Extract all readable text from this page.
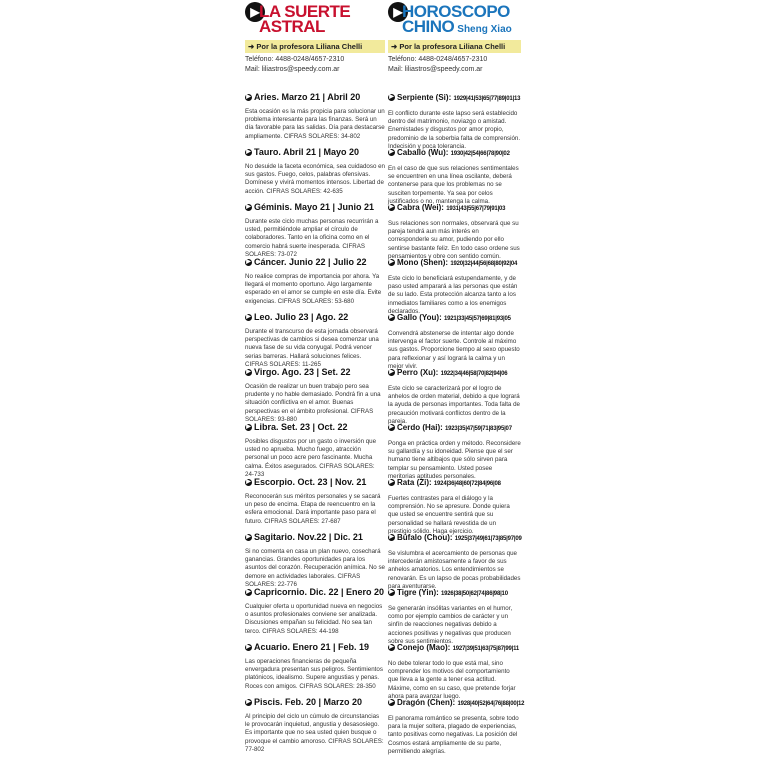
▶ LA SUERTE
ASTRAL
➜ Por la profesora Liliana Chelli
Teléfono: 4488-0248/4657-2310
Mail: liliastros@speedy.com.ar
▶ Aries. Marzo 21 | Abril 20
Esta ocasión es la más propicia para solucionar un problema interesante para las finanzas. Será un día favorable para las salidas. Día para destacarse ampliamente. CIFRAS SOLARES: 34-802
▶ Tauro. Abril 21 | Mayo 20
No desuide la faceta económica, sea cuidadoso en sus gastos. Fuego, celos, palabras ofensivas. Domínese y vivirá momentos intensos. Libertad de acción. CIFRAS SOLARES: 42-635
▶ Géminis. Mayo 21 | Junio 21
Durante este ciclo muchas personas recurrirán a usted, permitiéndole ampliar el círculo de colaboradores. Tanto en la oficina como en el comercio habrá suerte inesperada. CIFRAS SOLARES: 73-072
▶ Cáncer. Junio 22 | Julio 22
No realice compras de importancia por ahora. Ya llegará el momento oportuno. Algo largamente esperado en el amor se cumple en este día. Evite exigencias. CIFRAS SOLARES: 53-680
▶ Leo. Julio 23 | Ago. 22
Durante el transcurso de esta jornada observará perspectivas de cambios si desea comenzar una nueva fase de su vida conyugal. Podrá vencer serias barreras. Hallará soluciones felices. CIFRAS SOLARES: 11-265
▶ Virgo. Ago. 23 | Set. 22
Ocasión de realizar un buen trabajo pero sea prudente y no hable demasiado. Pondrá fin a una situación conflictiva en el amor. Buenas perspectivas en el ámbito profesional. CIFRAS SOLARES: 93-880
▶ Libra. Set. 23 | Oct. 22
Posibles disgustos por un gasto o inversión que usted no aprueba. Mucho fuego, atracción personal un poco acre pero fascinante. Mucha calma. Éxitos asegurados. CIFRAS SOLARES: 24-733
▶ Escorpio. Oct. 23 | Nov. 21
Reconocerán sus méritos personales y se sacará un peso de encima. Etapa de reencuentro en la esfera emocional. Dará importante paso para el futuro. CIFRAS SOLARES: 27-687
▶ Sagitario. Nov.22 | Dic. 21
Si no comenta en casa un plan nuevo, cosechará ganancias. Grandes oportunidades para los asuntos del corazón. Recuperación anímica. No se demore en actividades laborales. CIFRAS SOLARES: 22-776
▶ Capricornio. Dic. 22 | Enero 20
Cualquier oferta u oportunidad nueva en negocios o asuntos profesionales conviene ser analizada. Discusiones empañan su felicidad. No sea tan terco. CIFRAS SOLARES: 44-198
▶ Acuario. Enero 21 | Feb. 19
Las operaciones financieras de pequeña envergadura presentan sus peligros. Sentimientos platónicos, idealismo. Supere angustias y penas. Roces con amigos. CIFRAS SOLARES: 28-350
▶ Piscis. Feb. 20 | Marzo 20
Al principio del ciclo un cúmulo de circunstancias le provocarán inquietud, angustia y desasosiego. Es importante que no sea usted quien busque o provoque el cambio amoroso. CIFRAS SOLARES: 77-802
▶ HOROSCOPO
CHINO Sheng Xiao
➜ Por la profesora Liliana Chelli
Teléfono: 4488-0248/4657-2310
Mail: liliastros@speedy.com.ar
▶ Serpiente (Si): 1929|41|53|65|77|89|01|13
El conflicto durante este lapso será establecido dentro del matrimonio, noviazgo o amistad. Enemistades y disgustos por amor propio, predominio de la soberbia falta de comprensión. Indecisión y poca tolerancia.
▶ Caballo (Wu): 1930|42|54|66|78|90|02
En el caso de que sus relaciones sentimentales se encuentren en una línea oscilante, deberá contenerse para que los problemas no se susciten torpemente. Ya sea por celos justificados o no, mantenga la calma.
▶ Cabra (Wei): 1931|43|55|67|79|91|03
Sus relaciones son normales, observará que su pareja tendrá aun más interés en corresponderle su amor, pudiendo por ello sentirse bastante feliz. En todo caso ordene sus pensamientos y obre con sentido común.
▶ Mono (Shen): 1920|32|44|56|68|80|92|04
Este ciclo lo beneficiará estupendamente, y de paso usted amparará a las personas que están de su lado. Esta protección alcanza tanto a los inmediatos familiares como a los enemigos declarados.
▶ Gallo (You): 1921|33|45|57|69|81|93|05
Convendrá abstenerse de intentar algo donde intervenga el factor suerte. Controle al máximo sus gastos. Proporcione tiempo al sexo opuesto para reflexionar y así logrará la calma y un mejor vivir.
▶ Perro (Xu): 1922|34|46|58|70|82|94|06
Este ciclo se caracterizará por el logro de anhelos de orden material, debido a que logrará la ayuda de personas importantes. Toda falta de precaución motivará conflictos dentro de la pareja.
▶ Cerdo (Hai): 1923|35|47|59|71|83|95|07
Ponga en práctica orden y método. Reconsidere su gallardía y su idoneidad. Piense que el ser humano tiene altibajos que sólo sirven para templar su pensamiento. Usted posee meritorias aptitudes personales.
▶ Rata (Zi): 1924|36|48|60|72|84|96|08
Fuertes contrastes para el diálogo y la comprensión. No se apresure. Donde quiera que usted se encuentre sentirá que su personalidad se hallará revestida de un prestigio sólido. Haga ejercicio.
▶ Búfalo (Chou): 1925|37|49|61|73|85|97|09
Se vislumbra el acercamiento de personas que intercederán amistosamente a favor de sus anhelos amatorios. Los entendimientos se renovarán. Es un lapso de pocas probabilidades para aventurarse.
▶ Tigre (Yin): 1926|38|50|62|74|86|98|10
Se generarán insólitas variantes en el humor, como por ejemplo cambios de carácter y un sinfín de reacciones negativas debido a acciones positivas y negativas que producen sobre sus sentimientos.
▶ Conejo (Mao): 1927|39|51|63|75|87|99|11
No debe tolerar todo lo que está mal, sino comprender los motivos del comportamiento que lleva a la gente a tener esa actitud. Máxime, como en su caso, que pretende forjar ahora para avanzar luego.
▶ Dragón (Chen): 1928|40|52|64|76|88|00|12
El panorama romántico se presenta, sobre todo para la mujer soltera, plagado de experiencias, tanto positivas como negativas. La posición del Cosmos estará ampliamente de su parte, permitiendo alegrías.
